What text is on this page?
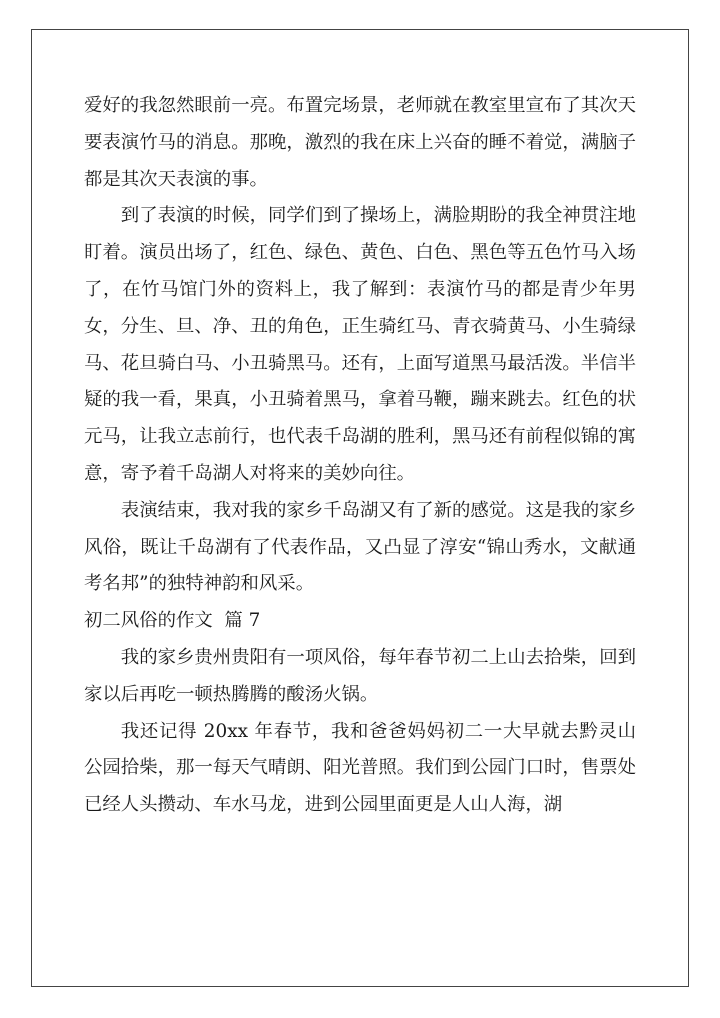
爱好的我忽然眼前一亮。布置完场景，老师就在教室里宣布了其次天要表演竹马的消息。那晚，激烈的我在床上兴奋的睡不着觉，满脑子都是其次天表演的事。

到了表演的时候，同学们到了操场上，满脸期盼的我全神贯注地盯着。演员出场了，红色、绿色、黄色、白色、黑色等五色竹马入场了，在竹马馆门外的资料上，我了解到：表演竹马的都是青少年男女，分生、旦、净、丑的角色，正生骑红马、青衣骑黄马、小生骑绿马、花旦骑白马、小丑骑黑马。还有，上面写道黑马最活泼。半信半疑的我一看，果真，小丑骑着黑马，拿着马鞭，蹦来跳去。红色的状元马，让我立志前行，也代表千岛湖的胜利，黑马还有前程似锦的寓意，寄予着千岛湖人对将来的美妙向往。

表演结束，我对我的家乡千岛湖又有了新的感觉。这是我的家乡风俗，既让千岛湖有了代表作品，又凸显了淳安“锦山秀水，文献通考名邦”的独特神韵和风采。

初二风俗的作文  篇 7

我的家乡贵州贵阳有一项风俗，每年春节初二上山去拾柴，回到家以后再吃一顿热腾腾的酸汤火锅。

我还记得 20xx 年春节，我和爸爸妈妈初二一大早就去黔灵山公园拾柴，那一每天气晴朗、阳光普照。我们到公园门口时，售票处已经人头攒动、车水马龙，进到公园里面更是人山人海，湖
